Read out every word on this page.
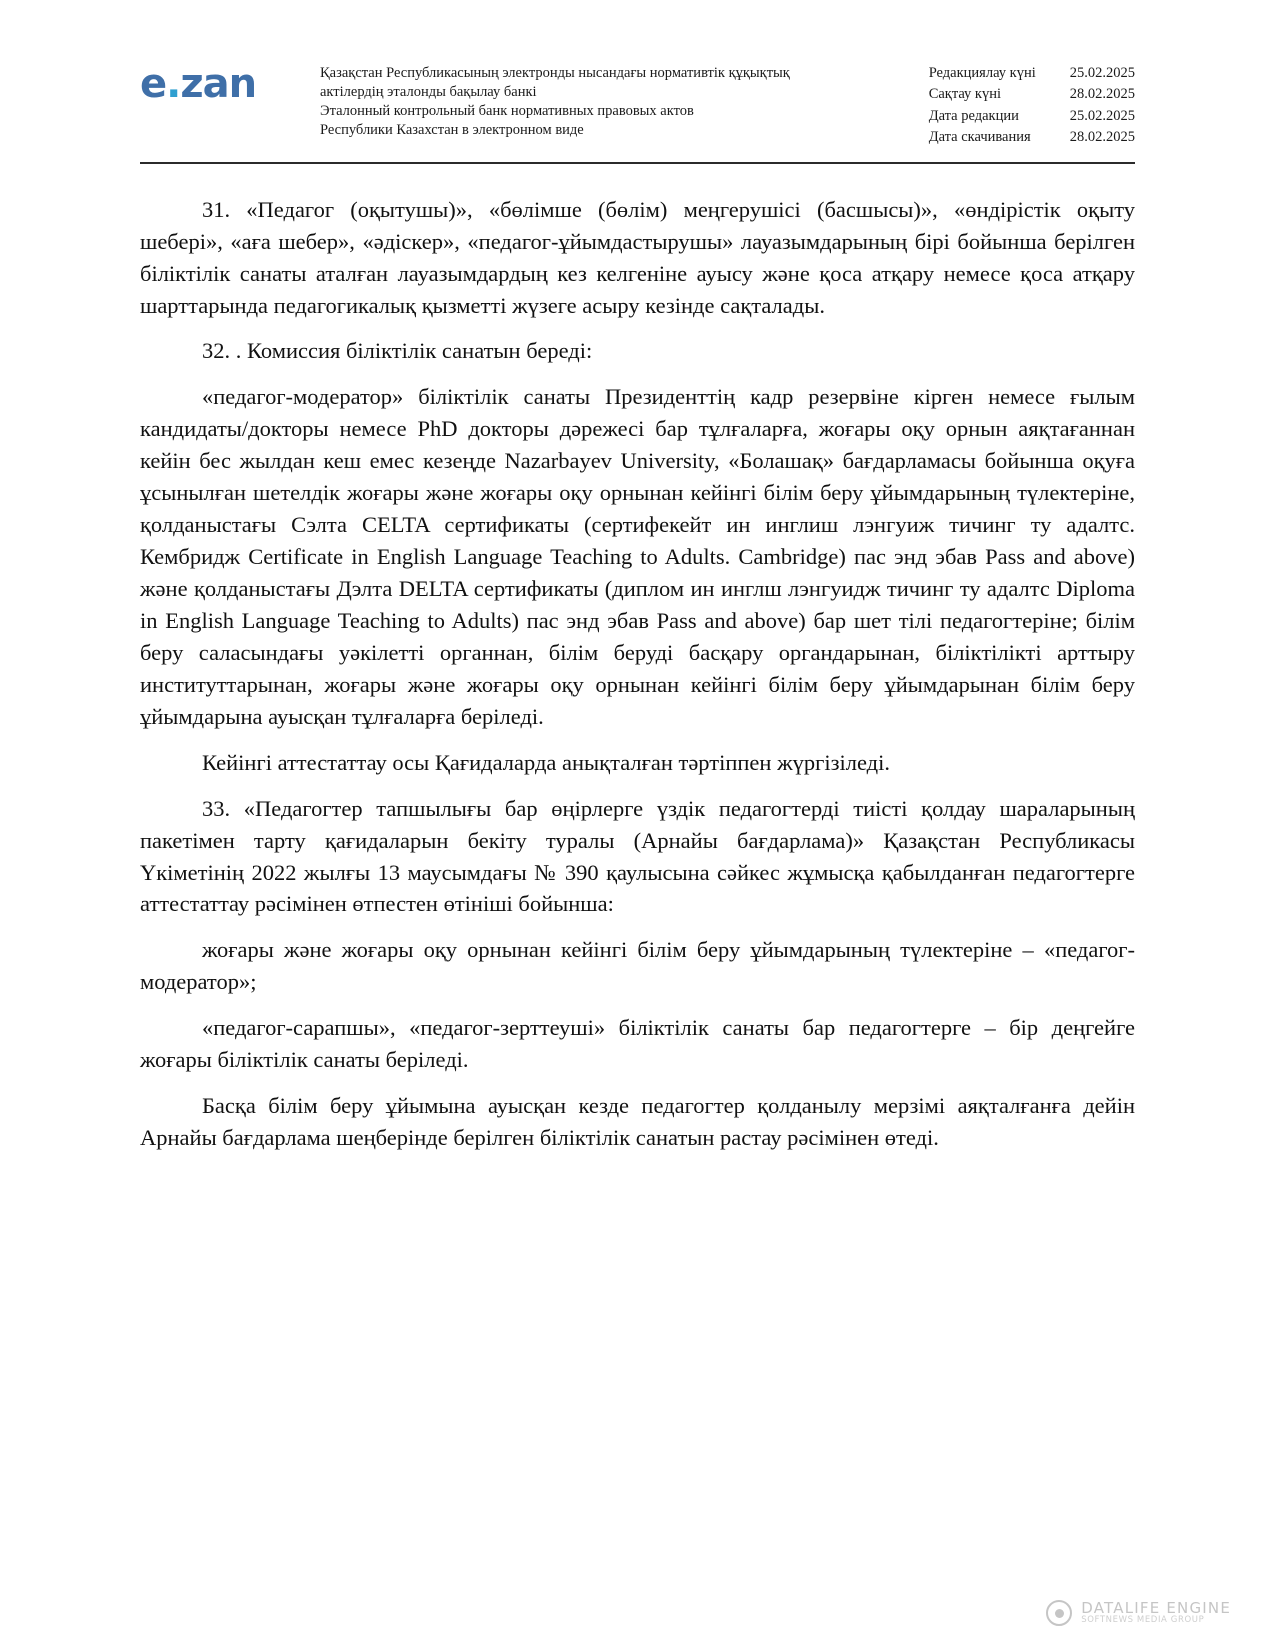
e.zan	Қазақстан Республикасының электронды нысандағы нормативтік құқықтық

актілердің эталонды бақылау банкі

Эталонный контрольный банк нормативных правовых актов

Республики Казахстан в электронном виде

Редакциялау күні	25.02.2025
Сақтау күні	28.02.2025
Дата редакции	25.02.2025
Дата скачивания	28.02.2025

31. «Педагог (оқытушы)», «бөлімше (бөлім) меңгерушісі (басшысы)», «өндірістік оқыту шебері», «аға шебер», «әдіскер», «педагог-ұйымдастырушы» лауазымдарының бірі бойынша берілген біліктілік санаты аталған лауазымдардың кез келгеніне ауысу және қоса атқару немесе қоса атқару шарттарында педагогикалық қызметті жүзеге асыру кезінде сақталады.

32. . Комиссия біліктілік санатын береді:

«педагог-модератор» біліктілік санаты Президенттің кадр резервіне кірген немесе ғылым кандидаты/докторы немесе PhD докторы дәрежесі бар тұлғаларға, жоғары оқу орнын аяқтағаннан кейін бес жылдан кеш емес кезеңде Nazarbayev University, «Болашақ» бағдарламасы бойынша оқуға ұсынылған шетелдік жоғары және жоғары оқу орнынан кейінгі білім беру ұйымдарының түлектеріне, қолданыстағы Сэлта CELTA сертификаты (сертифекейт ин инглиш лэнгуиж тичинг ту адалтс. Кембридж Certificate in English Language Teaching to Adults. Cambridge) пас энд эбав Pass and above) және қолданыстағы Дэлта DELTA сертификаты (диплом ин инглш лэнгуидж тичинг ту адалтс Diploma in English Language Teaching to Adults) пас энд эбав Pass and above) бар шет тілі педагогтеріне; білім беру саласындағы уәкілетті органнан, білім беруді басқару органдарынан, біліктілікті арттыру институттарынан, жоғары және жоғары оқу орнынан кейінгі білім беру ұйымдарынан білім беру ұйымдарына ауысқан тұлғаларға беріледі.

Кейінгі аттестаттау осы Қағидаларда анықталған тәртіппен жүргізіледі.

33. «Педагогтер тапшылығы бар өңірлерге үздік педагогтерді тиісті қолдау шараларының пакетімен тарту қағидаларын бекіту туралы (Арнайы бағдарлама)» Қазақстан Республикасы Үкіметінің 2022 жылғы 13 маусымдағы № 390 қаулысына сәйкес жұмысқа қабылданған педагогтерге аттестаттау рәсімінен өтпестен өтініші бойынша:

жоғары және жоғары оқу орнынан кейінгі білім беру ұйымдарының түлектеріне – «педагог-модератор»;

«педагог-сарапшы», «педагог-зерттеуші» біліктілік санаты бар педагогтерге – бір деңгейге жоғары біліктілік санаты беріледі.

Басқа білім беру ұйымына ауысқан кезде педагогтер қолданылу мерзімі аяқталғанға дейін Арнайы бағдарлама шеңберінде берілген біліктілік санатын растау рәсімінен өтеді.

DATALIFE ENGINE
SOFTNEWS MEDIA GROUP
